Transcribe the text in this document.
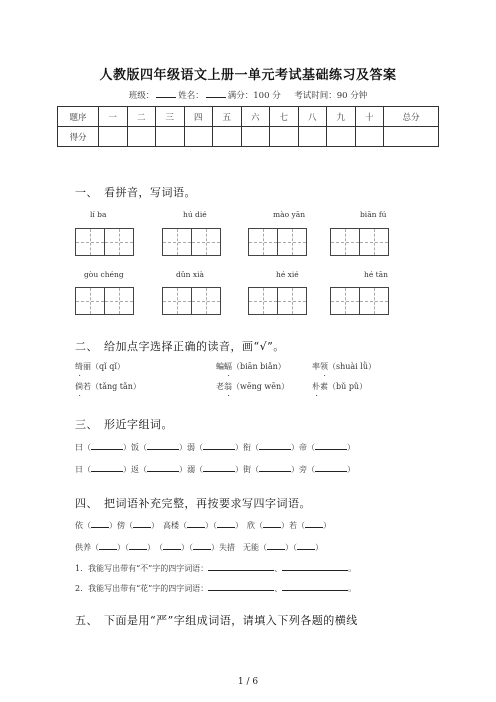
人教版四年级语文上册一单元考试基础练习及答案
班级：	姓名：	满分：100 分 考试时间：90 分钟
题序	一	二	三	四	五	六	七	八	九	十	总分
得分											
一、　看拼音，写词语。
lí ba	hú dié	mào yān	biān fú
gòu chéng	dǔn xià	hé xié	hé tān
二、　给加点字选择正确的读音，画“√”。
绮丽（qǐ qǐ）	蝙蝠（biān biǎn）	率领（shuài lǜ）
倘若（tǎng tǎn）	老翁（wēng wēn）	朴素（bǔ pǔ）
三、　形近字组词。
曰（	）饭（	）弱（	）衔（	）帝（	）
日（	）返（	）溺（	）街（	）旁（	）
四、　把词语补充完整，再按要求写四字词语。
依（ ）傍（ ）　高楼（ ）（ ）　欣（ ）若（ ）
供养（ ）（ ）　（ ）（ ）失措　无能（ ）（ ）
1．我能写出带有“不”字的四字词语：	、	。
2．我能写出带有“花”字的四字词语：	、	。
五、　下面是用“严”字组成词语，请填入下列各题的横线
1 / 6
